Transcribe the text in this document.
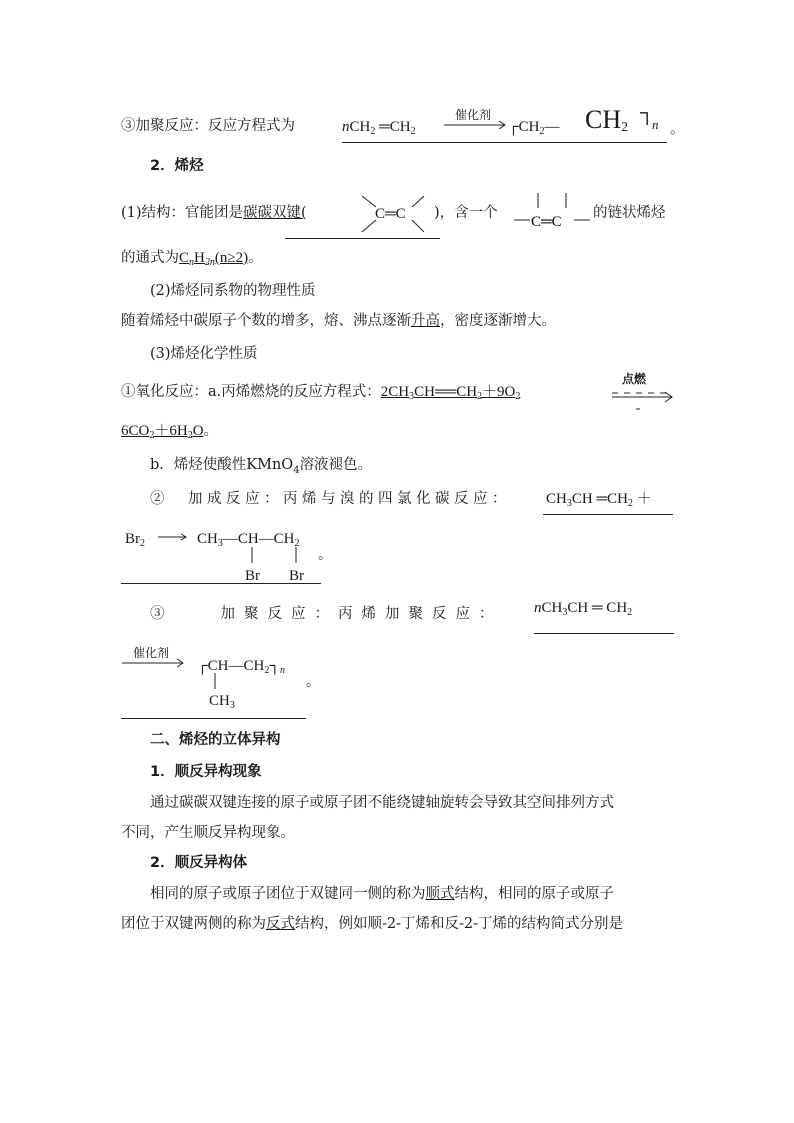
③加聚反应：反应方程式为	nCH$_2$ $═CH_2$
催化剂
$┌CH_2—$ $CH_2$
┐
n 。
2．烯烃
(1)结构：官能团是碳碳双键(	C═C )，含一个
C═C
的链状烯烃
的通式为$C_nH_{2n}(n\ge 2)$。
(2)烯烃同系物的物理性质
随着烯烃中碳原子个数的增多，熔、沸点逐渐升高，密度逐渐增大。
(3)烯烃化学性质
①氧化反应：a.丙烯燃烧的反应方程式：$2CH_3CH══CH_2+9O_2$
点燃
$6CO_2+6H_2O$。
b．烯烃使酸性KMnO$_4$溶液褪色。
②　加成反应：丙烯与溴的四氯化碳反应： $CH_3CH$ $═CH_2$ ＋
$Br_2$	$CH_3—CH—CH_2$
Br Br
。
③　　加聚反应：丙烯加聚反应： nCH$_3$CH ═ $CH_2$
催化剂
$┌CH—CH_2┐_n$
$CH_3$
。
二、烯烃的立体异构
1．顺反异构现象
通过碳碳双键连接的原子或原子团不能绕键轴旋转会导致其空间排列方式
不同，产生顺反异构现象。
2．顺反异构体
相同的原子或原子团位于双键同一侧的称为顺式结构，相同的原子或原子
团位于双键两侧的称为反式结构，例如顺-2-丁烯和反-2-丁烯的结构简式分别是
